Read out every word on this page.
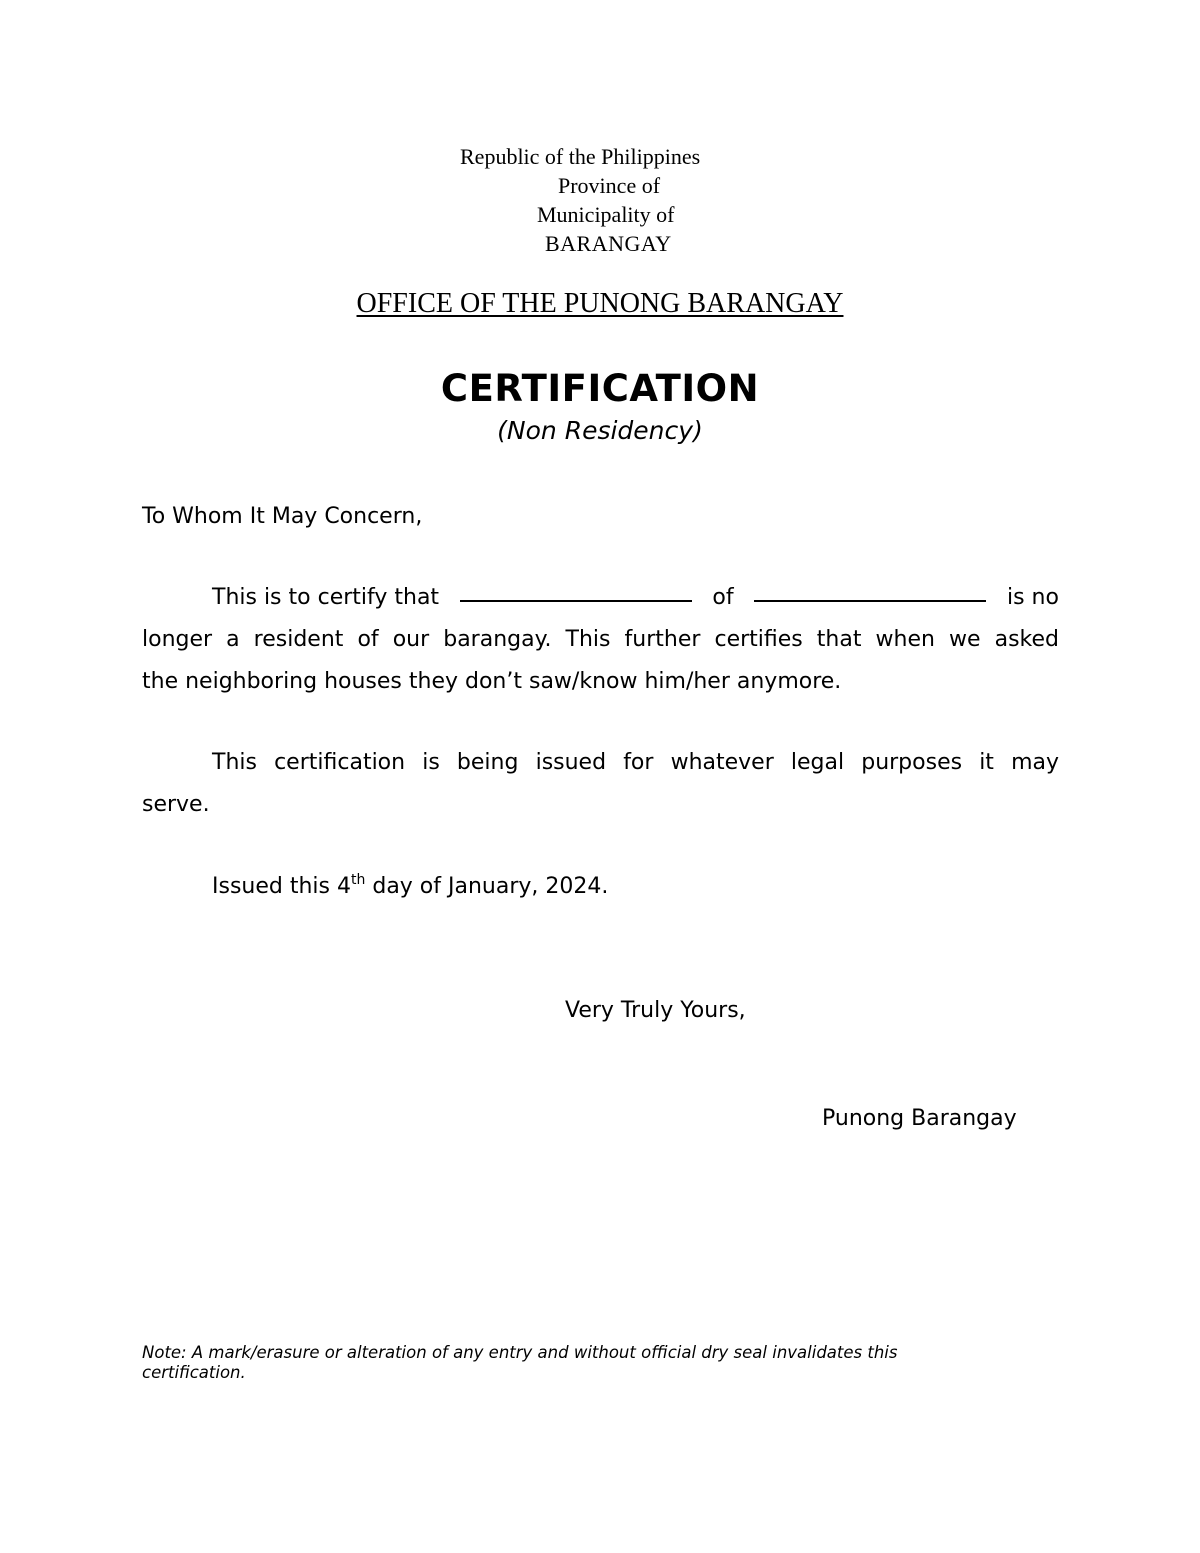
Republic of the Philippines
Province of
Municipality of
BARANGAY
OFFICE OF THE PUNONG BARANGAY
CERTIFICATION
(Non Residency)
To Whom It May Concern,
This is to certify that	of	is no
longer a resident of our barangay. This further certifies that when we asked
the neighboring houses they don’t saw/know him/her anymore.
This certification is being issued for whatever legal purposes it may
serve.
Issued this 4th day of January, 2024.
Very Truly Yours,
Punong Barangay
Note: A mark/erasure or alteration of any entry and without official dry seal invalidates this certification.
